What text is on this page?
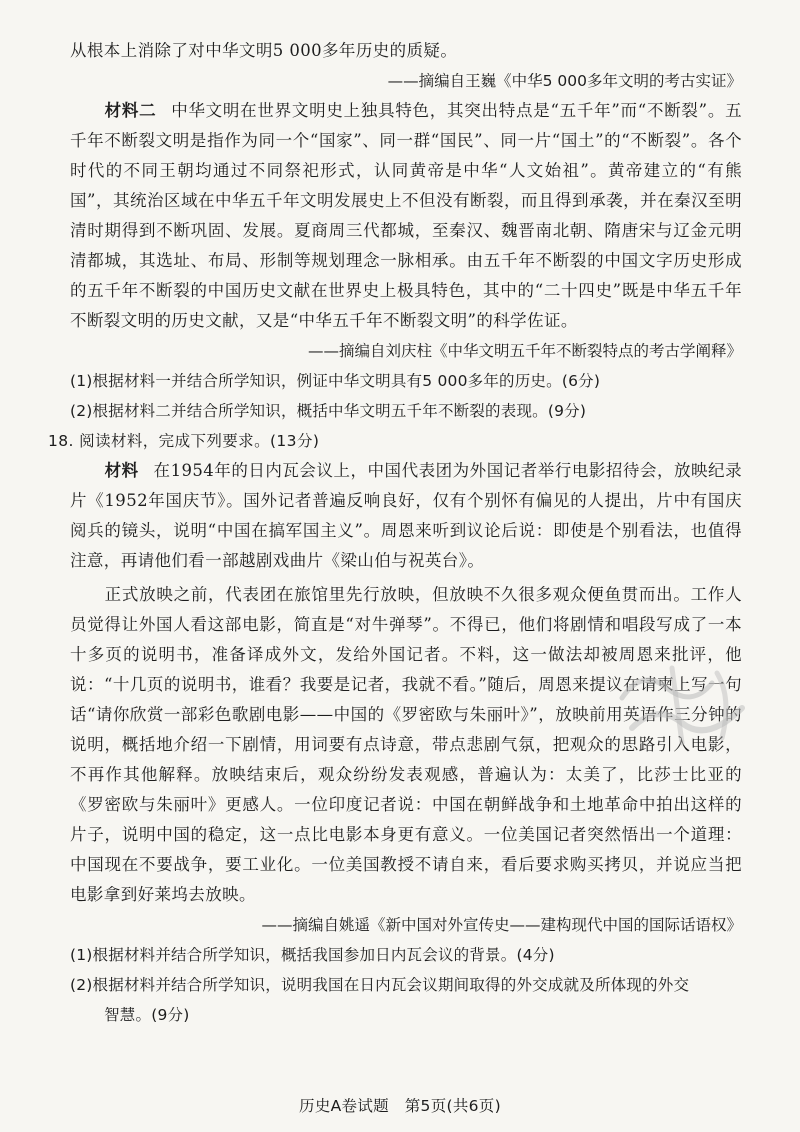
从根本上消除了对中华文明5 000多年历史的质疑。

——摘编自王巍《中华5 000多年文明的考古实证》

材料二 中华文明在世界文明史上独具特色，其突出特点是“五千年”而“不断裂”。五千年不断裂文明是指作为同一个“国家”、同一群“国民”、同一片“国土”的“不断裂”。各个时代的不同王朝均通过不同祭祀形式，认同黄帝是中华“人文始祖”。黄帝建立的“有熊国”，其统治区域在中华五千年文明发展史上不但没有断裂，而且得到承袭，并在秦汉至明清时期得到不断巩固、发展。夏商周三代都城，至秦汉、魏晋南北朝、隋唐宋与辽金元明清都城，其选址、布局、形制等规划理念一脉相承。由五千年不断裂的中国文字历史形成的五千年不断裂的中国历史文献在世界史上极具特色，其中的“二十四史”既是中华五千年不断裂文明的历史文献，又是“中华五千年不断裂文明”的科学佐证。

——摘编自刘庆柱《中华文明五千年不断裂特点的考古学阐释》

(1)根据材料一并结合所学知识，例证中华文明具有5 000多年的历史。(6分)

(2)根据材料二并结合所学知识，概括中华文明五千年不断裂的表现。(9分)

18. 阅读材料，完成下列要求。(13分)

材料 在1954年的日内瓦会议上，中国代表团为外国记者举行电影招待会，放映纪录片《1952年国庆节》。国外记者普遍反响良好，仅有个别怀有偏见的人提出，片中有国庆阅兵的镜头，说明“中国在搞军国主义”。周恩来听到议论后说：即使是个别看法，也值得注意，再请他们看一部越剧戏曲片《梁山伯与祝英台》。

正式放映之前，代表团在旅馆里先行放映，但放映不久很多观众便鱼贯而出。工作人员觉得让外国人看这部电影，简直是“对牛弹琴”。不得已，他们将剧情和唱段写成了一本十多页的说明书，准备译成外文，发给外国记者。不料，这一做法却被周恩来批评，他说：“十几页的说明书，谁看？我要是记者，我就不看。”随后，周恩来提议在请柬上写一句话“请你欣赏一部彩色歌剧电影——中国的《罗密欧与朱丽叶》”，放映前用英语作三分钟的说明，概括地介绍一下剧情，用词要有点诗意，带点悲剧气氛，把观众的思路引入电影，不再作其他解释。放映结束后，观众纷纷发表观感，普遍认为：太美了，比莎士比亚的《罗密欧与朱丽叶》更感人。一位印度记者说：中国在朝鲜战争和土地革命中拍出这样的片子，说明中国的稳定，这一点比电影本身更有意义。一位美国记者突然悟出一个道理：中国现在不要战争，要工业化。一位美国教授不请自来，看后要求购买拷贝，并说应当把电影拿到好莱坞去放映。

——摘编自姚遥《新中国对外宣传史——建构现代中国的国际话语权》

(1)根据材料并结合所学知识，概括我国参加日内瓦会议的背景。(4分)

(2)根据材料并结合所学知识，说明我国在日内瓦会议期间取得的外交成就及所体现的外交

智慧。(9分)

历史A卷试题　第5页(共6页)
